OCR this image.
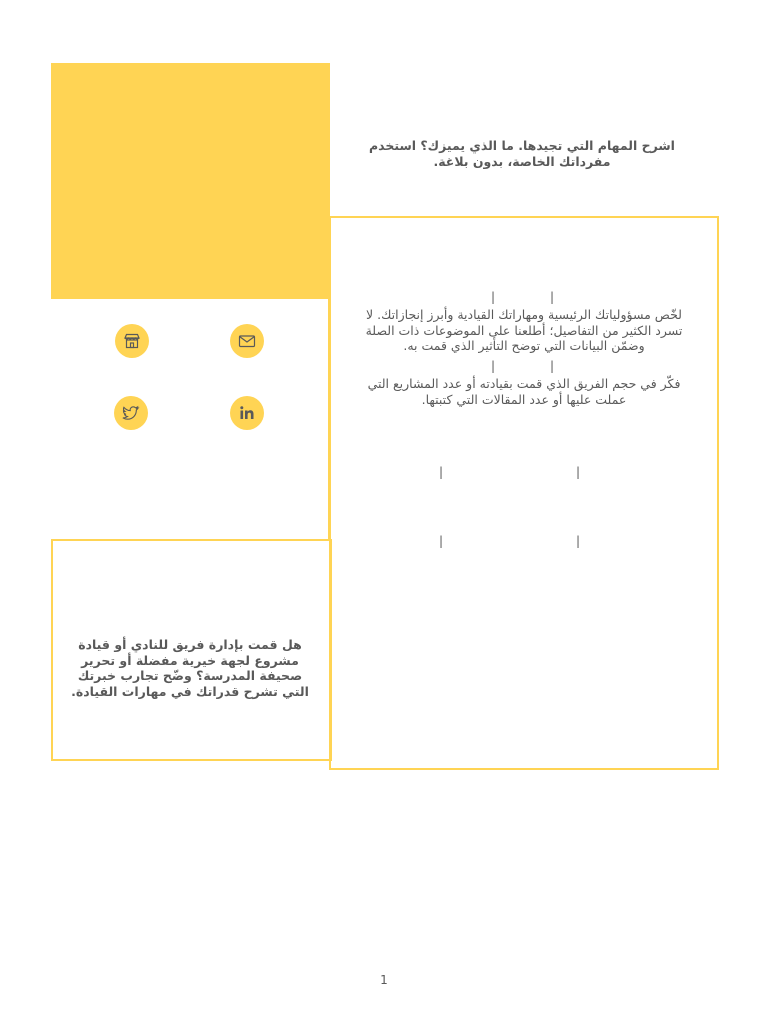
اشرح المهام التي تجيدها. ما الذي يميزك؟ استخدم مفرداتك الخاصة، بدون بلاغة.
|	|
لخّص مسؤولياتك الرئيسية ومهاراتك القيادية وأبرز إنجازاتك. لا تسرد الكثير من التفاصيل؛ أطلعنا على الموضوعات ذات الصلة وضمّن البيانات التي توضح التأثير الذي قمت به.
|	|
فكّر في حجم الفريق الذي قمت بقيادته أو عدد المشاريع التي عملت عليها أو عدد المقالات التي كتبتها.
|	|
|	|
هل قمت بإدارة فريق للنادي أو قيادة مشروع لجهة خيرية مفضلة أو تحرير صحيفة المدرسة؟ وضّح تجارب خبرتك التي تشرح قدراتك في مهارات القيادة.
1
